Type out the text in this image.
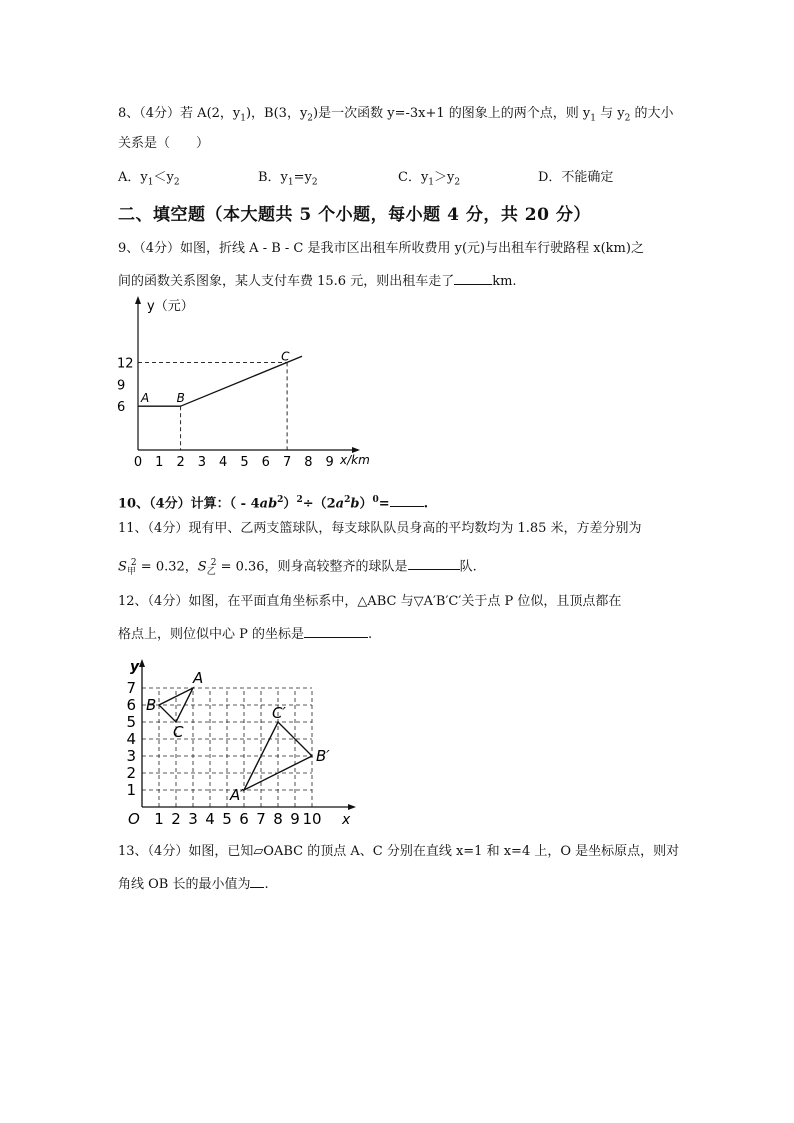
8、（4分）若 A(2，$y_1$)，B(3，$y_2$)是一次函数 y=-3x+1 的图象上的两个点，则 $y_1$ 与 $y_2$ 的大小
关系是（　　）
A．$y_1<y_2$	B．$y_1=y_2$	C．$y_1>y_2$	D．不能确定
二、填空题（本大题共 5 个小题，每小题 4 分，共 20 分）
9、（4分）如图，折线 A - B - C 是我市区出租车所收费用 y(元)与出租车行驶路程 x(km)之
间的函数关系图象，某人支付车费 15.6 元，则出租车走了	km.
0 1 2 3 4 5 6 7 8 9
6
9
12
x/km
y（元）
A B
C
10、（4分）计算：（ - $4ab^2)^2\div(2a^2b)^0=$	.
11、（4分）现有甲、乙两支篮球队，每支球队队员身高的平均数均为 1.85 米，方差分别为
$S_甲^2 = 0.32$，$S_乙^2 = 0.36$，则身高较整齐的球队是	队.
12、（4分）如图，在平面直角坐标系中，△ABC 与▽A′B′C′关于点 P 位似，且顶点都在
格点上，则位似中心 P 的坐标是	.
1 2 3 4 5 6 7 8 9 10
1
2
3
4
5
6
7
O	x
y
A
B
C
A′
B′
C′
13、（4分）如图，已知▱OABC 的顶点 A、C 分别在直线 x=1 和 x=4 上，O 是坐标原点，则对
角线 OB 长的最小值为 .
